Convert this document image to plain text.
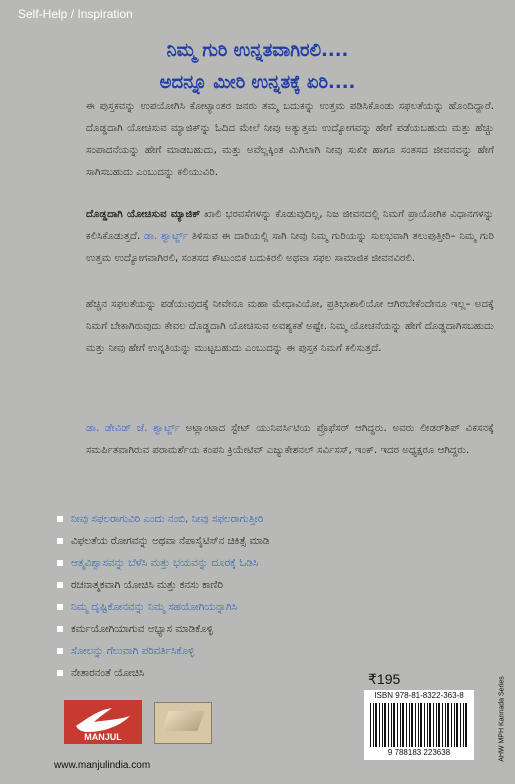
Self-Help / Inspiration
ನಿಮ್ಮ ಗುರಿ ಉನ್ನತವಾಗಿರಲಿ....
ಅದನ್ನೂ ಮೀರಿ ಉನ್ನತಕ್ಕೆ ಏರಿ....
ಈ ಪುಸ್ತಕವನ್ನು ಉಪಯೋಗಿಸಿ ಕೋಟ್ಯಾಂತರ ಜನರು ತಮ್ಮ ಬದುಕನ್ನು ಉತ್ತಮ ಪಡಿಸಿಕೊಂಡು ಸಫಲತೆಯನ್ನು ಹೊಂದಿದ್ದಾರೆ. ದೊಡ್ಡದಾಗಿ ಯೋಚಿಸುವ ಮ್ಯಾಜಿಕ್‌ನ್ನು ಓದಿದ ಮೇಲೆ ನೀವು ಅತ್ಯುತ್ತಮ ಉದ್ಯೋಗವನ್ನು ಹೇಗೆ ಪಡೆಯಬಹುದು ಮತ್ತು ಹೆಚ್ಚು ಸಂಪಾದನೆಯನ್ನು ಹೇಗೆ ಮಾಡಬಹುದು, ಮತ್ತು ಅವೆಲ್ಲಕ್ಕಿಂತ ಮಿಗಿಲಾಗಿ ನೀವು ಸುಖೀ ಹಾಗೂ ಸಂತಸದ ಜೀವನವನ್ನು ಹೇಗೆ ಸಾಗಿಸಬಹುದು ಎಂಬುದನ್ನು ಕಲಿಯುವಿರಿ.
ದೊಡ್ಡದಾಗಿ ಯೋಚಿಸುವ ಮ್ಯಾಜಿಕ್ ಖಾಲಿ ಭರವಸೆಗಳನ್ನು ಕೊಡುವುದಿಲ್ಲ, ನಿಜ ಜೀವನದಲ್ಲಿ ನಿಮಗೆ ಪ್ರಾಯೋಗಿಕ ವಿಧಾನಗಳನ್ನು ಕಲಿಸಿಕೊಡುತ್ತದೆ. ಡಾ. ಶ್ವಾರ್ಟ್ಜ್ ತಿಳಿಸುವ ಈ ದಾರಿಯಲ್ಲಿ ಸಾಗಿ ನೀವು ನಿಮ್ಮ ಗುರಿಯನ್ನು ಸುಲಭವಾಗಿ ತಲುಪುತ್ತೀರಿ– ನಿಮ್ಮ ಗುರಿ ಉತ್ತಮ ಉದ್ಯೋಗವಾಗಿರಲಿ, ಸಂತಸದ ಕೌಟುಂಬಿಕ ಬದುಕಿರಲಿ ಅಥವಾ ಸಫಲ ಸಾಮಾಜಿಕ ಜೀವನವಿರಲಿ.
ಹೆಚ್ಚಿನ ಸಫಲತೆಯನ್ನು ಪಡೆಯುವುದಕ್ಕೆ ನೀವೇನೂ ಮಹಾ ಮೇಧಾವಿಯೋ, ಪ್ರತಿಭಾಶಾಲಿಯೋ ಆಗಿರಬೇಕೆಂದೇನೂ ಇಲ್ಲ– ಅದಕ್ಕೆ ನಿಮಗೆ ಬೇಕಾಗಿರುವುದು ಕೇವಲ ದೊಡ್ಡದಾಗಿ ಯೋಚಿಸುವ ಅವಶ್ಯಕತೆ ಅಷ್ಟೇ. ನಿಮ್ಮ ಯೋಚನೆಯನ್ನು ಹೇಗೆ ದೊಡ್ಡದಾಗಿಸಬಹುದು ಮತ್ತು ನೀವು ಹೇಗೆ ಉನ್ನತಿಯನ್ನು ಮುಟ್ಟಬಹುದು ಎಂಬುದನ್ನು ಈ ಪುಸ್ತಕ ನಿಮಗೆ ಕಲಿಸುತ್ತದೆ.
ಡಾ. ಡೇವಿಡ್ ಜೆ. ಶ್ವಾರ್ಟ್ಜ್ ಅಟ್ಲಾಂಟಾದ ಸ್ಟೇಟ್ ಯುನಿವರ್ಸಿಟಿಯ ಪ್ರೊಫೆಸರ್ ಆಗಿದ್ದರು. ಅವರು ಲೀಡರ್‌ಶಿಪ್ ವಿಕಸನಕ್ಕೆ ಸಮರ್ಪಿತವಾಗಿರುವ ಪರಾಮರ್ಶೆಯ ಕಂಪನಿ ಕ್ರಿಯೇಟಿವ್ ಎಜ್ಯುಕೇಶನಲ್ ಸರ್ವಿಸಸ್, ಇಂಕ್. ಇದರ ಅಧ್ಯಕ್ಷರೂ ಆಗಿದ್ದರು.
ನೀವು ಸಫಲರಾಗುವಿರಿ ಎಂದು ನಂಬಿ, ನೀವು ಸಫಲರಾಗುತ್ತೀರಿ
ವಿಫಲತೆಯ ರೋಗವನ್ನು ಅಥವಾ ನೆಪಾಸೈಟಿಸ್‌ನ ಚಿಕಿತ್ಸೆ ಮಾಡಿ
ಆತ್ಮವಿಶ್ವಾಸವನ್ನು ಬೆಳೆಸಿ ಮತ್ತು ಭಯವನ್ನು ದೂರಕ್ಕೆ ಓಡಿಸಿ
ರಚನಾತ್ಮಕವಾಗಿ ಯೋಚಿಸಿ ಮತ್ತು ಕನಸು ಕಾಣಿರಿ
ನಿಮ್ಮ ದೃಷ್ಟಿಕೋನವನ್ನು ನಿಮ್ಮ ಸಹಯೋಗಿಯನ್ನಾಗಿಸಿ
ಕರ್ಮಯೋಗಿಯಾಗುವ ಅಭ್ಯಾಸ ಮಾಡಿಕೊಳ್ಳಿ
ಸೋಲನ್ನು ಗೆಲುವಾಗಿ ಪರಿವರ್ತಿಸಿಕೊಳ್ಳಿ
ನೇತಾರನಂತೆ ಯೋಚಿಸಿ	₹195
ISBN 978-81-8322-363-8
9 788183 223638	AHW MPH Kannada Series
MANJUL
www.manjulindia.com
